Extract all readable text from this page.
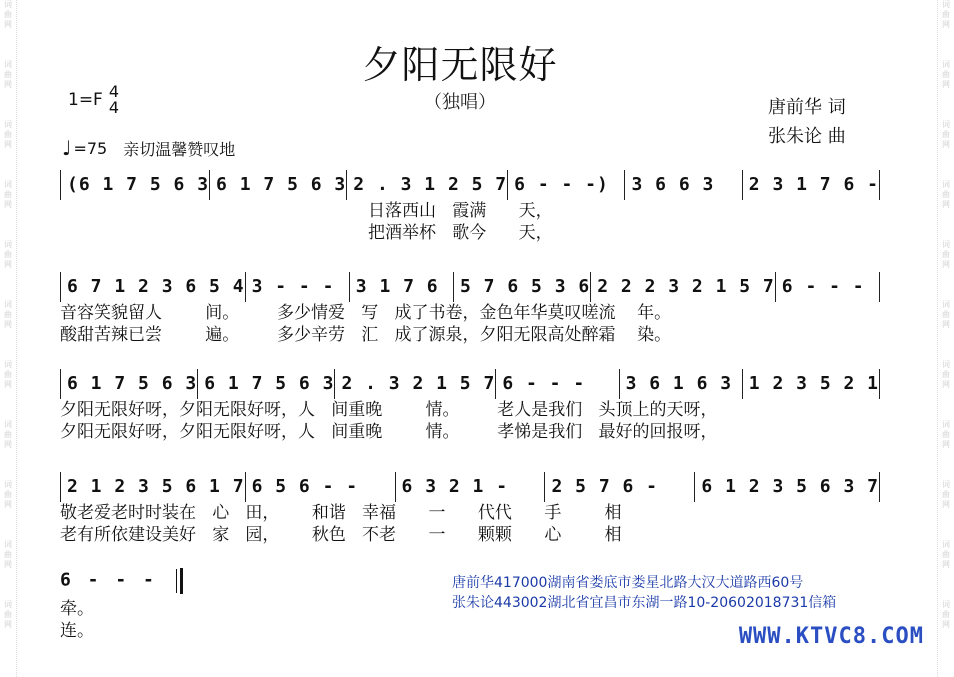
词
曲
网

词
曲
网

词
曲
网

词
曲
网

词
曲
网

词
曲
网

词
曲
网

词
曲
网

词
曲
网

词
曲
网

词
曲
网
词
曲
网

词
曲
网

词
曲
网

词
曲
网

词
曲
网

词
曲
网

词
曲
网

词
曲
网

词
曲
网

词
曲
网

词
曲
网
夕阳无限好
（独唱）
1=F 4
4
♩ =75 亲切温馨赞叹地
唐前华 词
张朱论 曲
(6 1 7 5 6 3 6 1 7 5 6 3 2 . 3 1 2 5 7 6 - - -)	3 6 6 3	2 3 1 7 6 -
日落西山   霞满      天，
把酒举杯   歌今      天，
6 7 1 2 3 6 5 4 3 - - -	3 1 7 6	5 7 6 5 3 6 2 2 2 3 2 1 5 7 6 - - -
音容笑貌留人        间。       多少情爱   写   成了书卷，金色年华莫叹嗟流    年。
酸甜苦辣已尝        遍。       多少辛劳   汇   成了源泉，夕阳无限高处醉霜    染。
6 1 7 5 6 3 6 1 7 5 6 3 2 . 3 2 1 5 7 6 - - -	3 6 1 6 3 1 2 3 5 2 1
夕阳无限好呀，夕阳无限好呀，人   间重晚        情。       老人是我们   头顶上的天呀，
夕阳无限好呀，夕阳无限好呀，人   间重晚        情。       孝悌是我们   最好的回报呀，
2 1 2 3 5 6 1 7 6 5 6 - -	6 3 2 1 -	2 5 7 6 -	6 1 2 3 5 6 3 7
敬老爱老时时装在   心   田，      和谐   幸福      一      代代      手        相
老有所依建设美好   家   园，      秋色   不老      一      颗颗      心        相
6 - - -
牵。
连。
唐前华417000湖南省娄底市娄星北路大汉大道路西60号
张朱论443002湖北省宜昌市东湖一路10-20602018731信箱
WWW.KTVC8.COM
